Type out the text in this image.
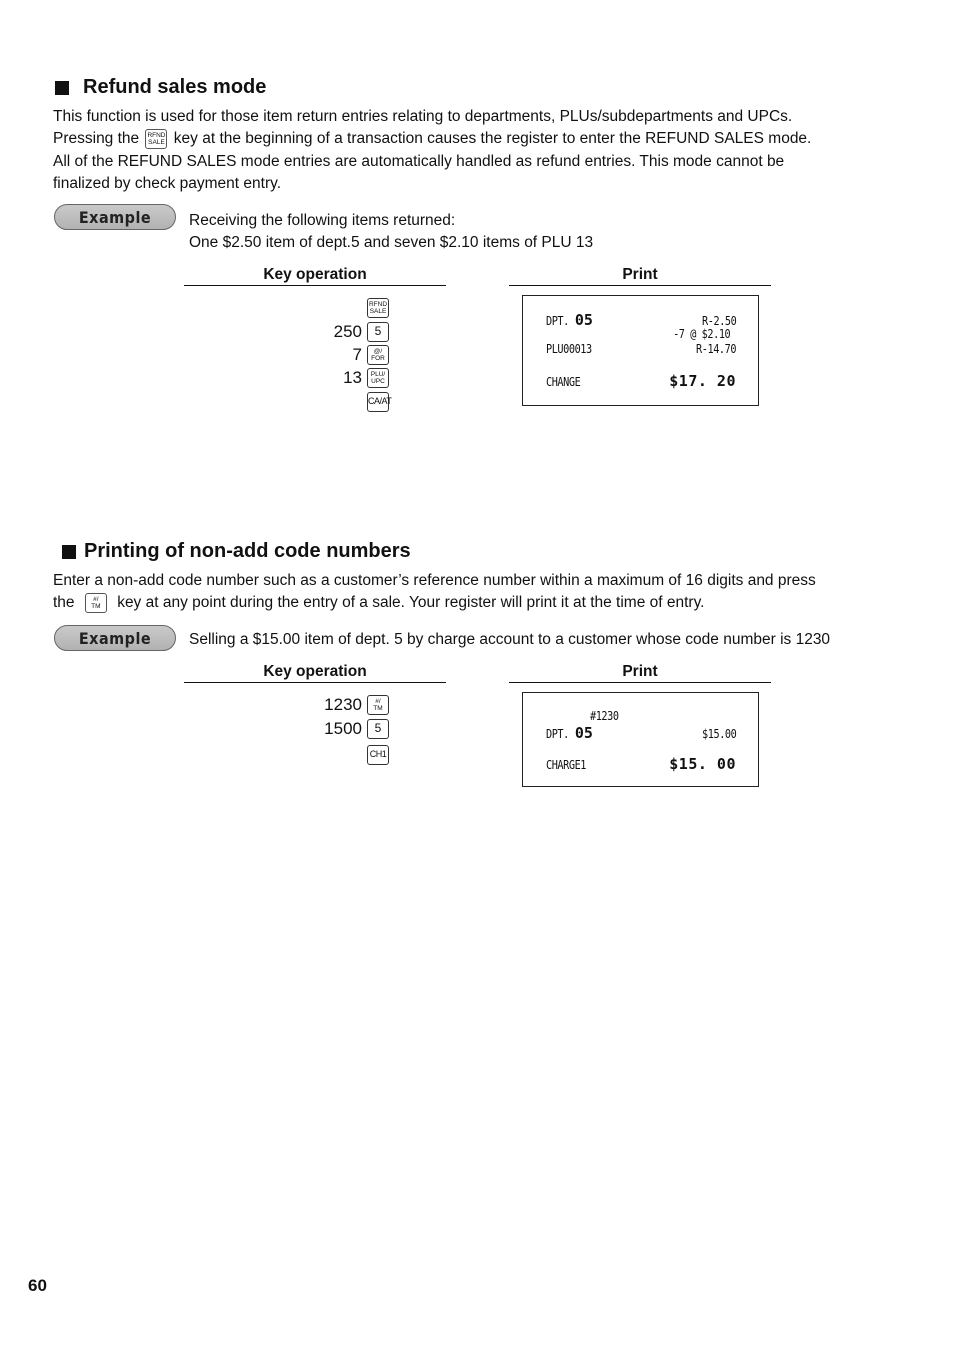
Refund sales mode
This function is used for those item return entries relating to departments, PLUs/subdepartments and UPCs.
Pressing the RFND
SALE key at the beginning of a transaction causes the register to enter the REFUND SALES mode.
All of the REFUND SALES mode entries are automatically handled as refund entries. This mode cannot be
finalized by check payment entry.
Example	Receiving the following items returned:
One $2.50 item of dept.5 and seven $2.10 items of PLU 13
Key operation	Print
RFND
SALE
250	5
7	@/
FOR
13	PLU/
UPC
CA/AT
DPT. 05	R-2.50
-7 @ $2.10
PLU00013	R-14.70
CHANGE	$17. 20
Printing of non-add code numbers
Enter a non-add code number such as a customer’s reference number within a maximum of 16 digits and press
the	#/
TM key at any point during the entry of a sale. Your register will print it at the time of entry.
Example	Selling a $15.00 item of dept. 5 by charge account to a customer whose code number is 1230
Key operation	Print
1230	#/
TM
1500	5
CH1
#1230
DPT. 05	$15.00
CHARGE1	$15. 00
60
